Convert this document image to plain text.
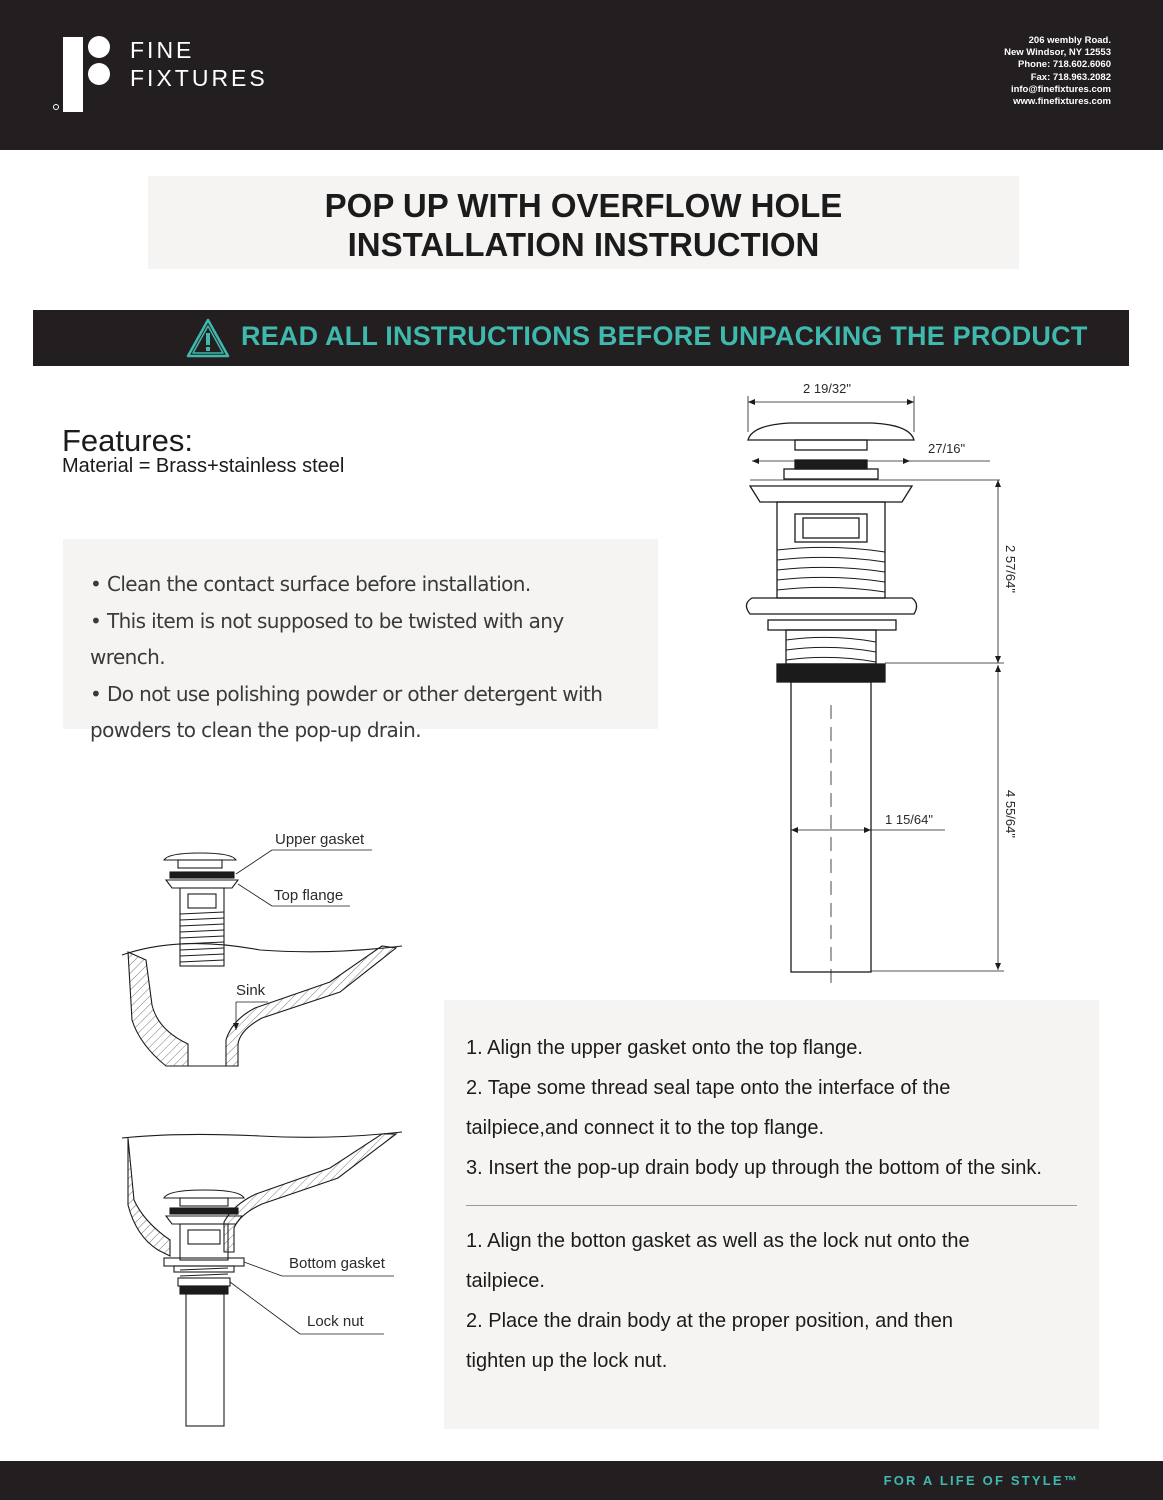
FINE
FIXTURES
206 wembly Road.
New Windsor, NY 12553
Phone: 718.602.6060
Fax: 718.963.2082
info@finefixtures.com
www.finefixtures.com
POP UP WITH OVERFLOW HOLE
INSTALLATION INSTRUCTION
READ ALL INSTRUCTIONS BEFORE UNPACKING THE PRODUCT
Features:
Material = Brass+stainless steel

• Clean the contact surface before installation.

• This item is not supposed to be twisted with any wrench.

• Do not use polishing powder or other detergent with

powders to clean the pop-up drain.

2 19/32"
27/16"
2 57/64"
1 15/64"	4 55/64"
Upper gasket
Top flange
Sink
Bottom gasket
Lock nut

1. Align the upper gasket onto the top flange.

2. Tape some thread seal tape onto the interface of the

tailpiece,and connect it to the top flange.

3. Insert the pop-up drain body up through the bottom of the sink.

1. Align the botton gasket as well as the lock nut onto the

tailpiece.

2. Place the drain body at the proper position, and then

tighten up the lock nut.

FOR A LIFE OF STYLE™
